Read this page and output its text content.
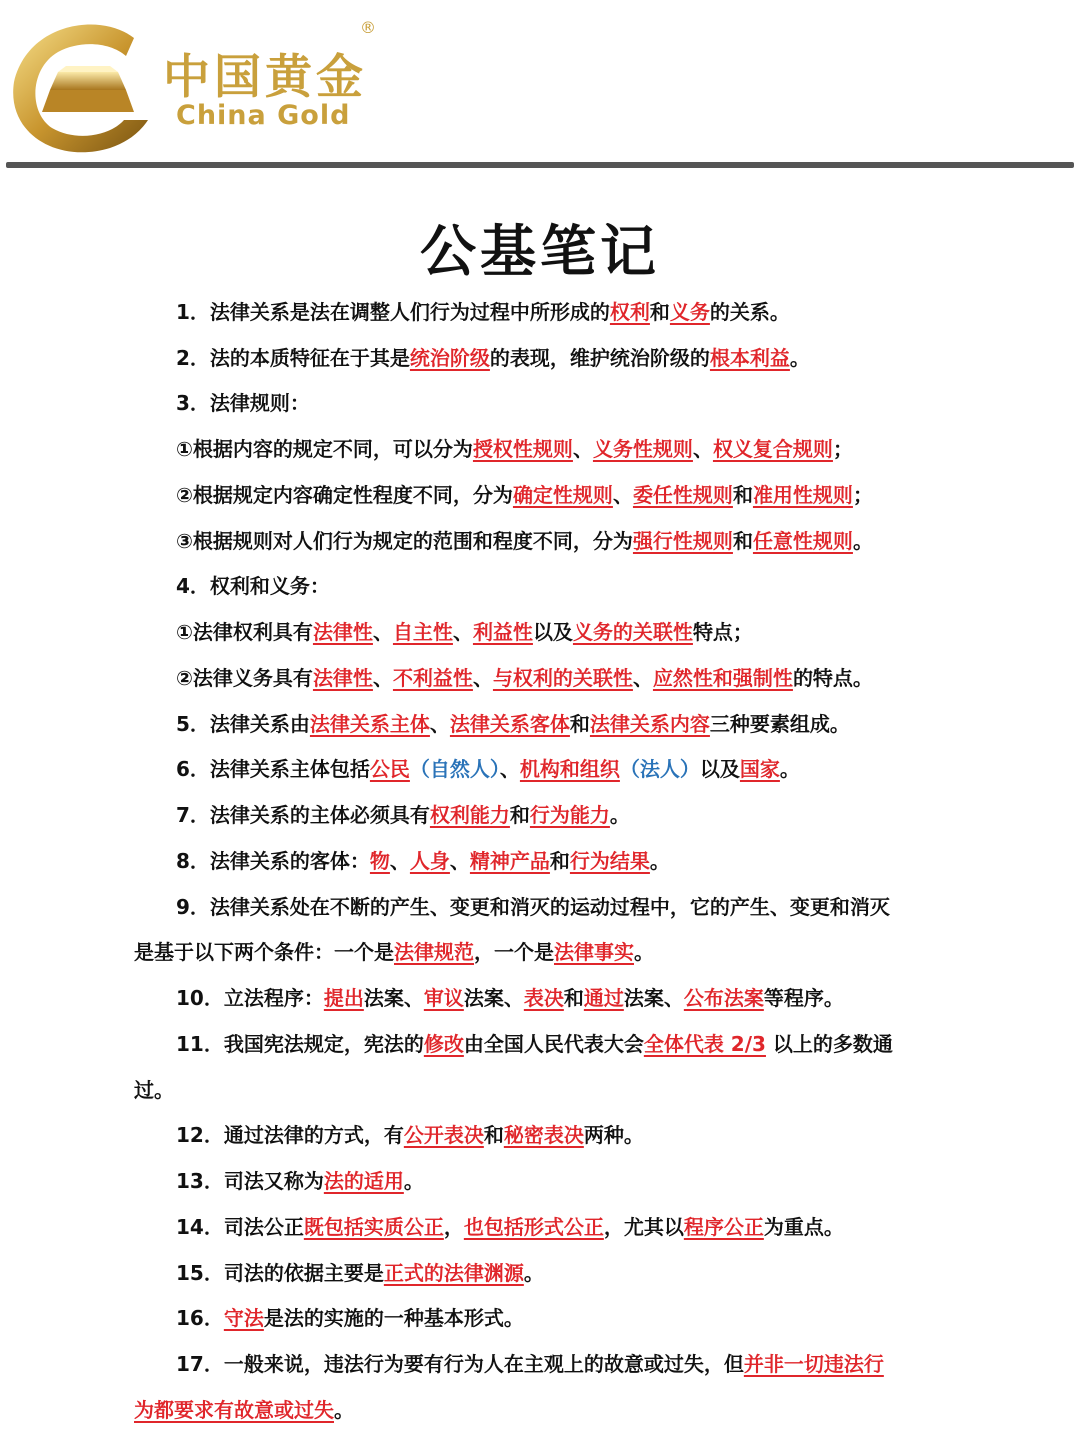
中国黄金
®
China Gold
公基笔记
1．法律关系是法在调整人们行为过程中所形成的权利和义务的关系。
2．法的本质特征在于其是统治阶级的表现，维护统治阶级的根本利益。
3．法律规则：
①根据内容的规定不同，可以分为授权性规则、义务性规则、权义复合规则；
②根据规定内容确定性程度不同，分为确定性规则、委任性规则和准用性规则；
③根据规则对人们行为规定的范围和程度不同，分为强行性规则和任意性规则。
4．权利和义务：
①法律权利具有法律性、自主性、利益性以及义务的关联性特点；
②法律义务具有法律性、不利益性、与权利的关联性、应然性和强制性的特点。
5．法律关系由法律关系主体、法律关系客体和法律关系内容三种要素组成。
6．法律关系主体包括公民（自然人）、机构和组织（法人）以及国家。
7．法律关系的主体必须具有权利能力和行为能力。
8．法律关系的客体：物、人身、精神产品和行为结果。
9．法律关系处在不断的产生、变更和消灭的运动过程中，它的产生、变更和消灭
是基于以下两个条件：一个是法律规范，一个是法律事实。
10．立法程序：提出法案、审议法案、表决和通过法案、公布法案等程序。
11．我国宪法规定，宪法的修改由全国人民代表大会全体代表 2/3 以上的多数通
过。
12．通过法律的方式，有公开表决和秘密表决两种。
13．司法又称为法的适用。
14．司法公正既包括实质公正，也包括形式公正，尤其以程序公正为重点。
15．司法的依据主要是正式的法律渊源。
16．守法是法的实施的一种基本形式。
17．一般来说，违法行为要有行为人在主观上的故意或过失，但并非一切违法行
为都要求有故意或过失。
